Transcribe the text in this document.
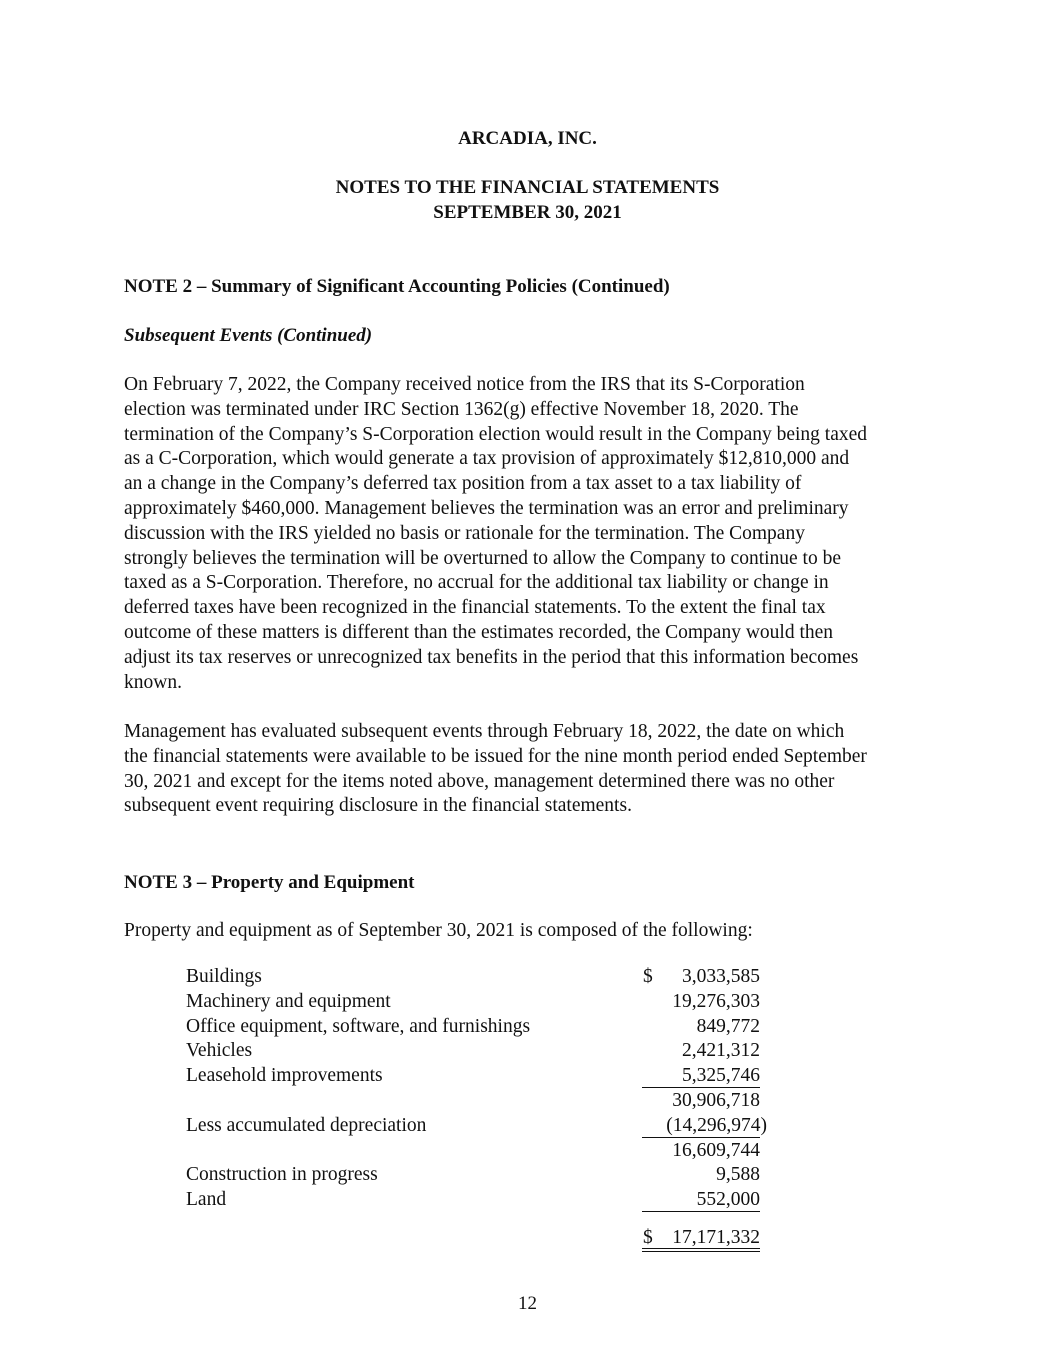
ARCADIA, INC.
NOTES TO THE FINANCIAL STATEMENTS
SEPTEMBER 30, 2021
NOTE 2 – Summary of Significant Accounting Policies (Continued)
Subsequent Events (Continued)
On February 7, 2022, the Company received notice from the IRS that its S-Corporation
election was terminated under IRC Section 1362(g) effective November 18, 2020. The
termination of the Company’s S-Corporation election would result in the Company being taxed
as a C-Corporation, which would generate a tax provision of approximately $12,810,000 and
an a change in the Company’s deferred tax position from a tax asset to a tax liability of
approximately $460,000. Management believes the termination was an error and preliminary
discussion with the IRS yielded no basis or rationale for the termination. The Company
strongly believes the termination will be overturned to allow the Company to continue to be
taxed as a S-Corporation. Therefore, no accrual for the additional tax liability or change in
deferred taxes have been recognized in the financial statements. To the extent the final tax
outcome of these matters is different than the estimates recorded, the Company would then
adjust its tax reserves or unrecognized tax benefits in the period that this information becomes
known.
Management has evaluated subsequent events through February 18, 2022, the date on which
the financial statements were available to be issued for the nine month period ended September
30, 2021 and except for the items noted above, management determined there was no other
subsequent event requiring disclosure in the financial statements.
NOTE 3 – Property and Equipment
Property and equipment as of September 30, 2021 is composed of the following:
Buildings	$ 3,033,585
Machinery and equipment	19,276,303
Office equipment, software, and furnishings	849,772
Vehicles	2,421,312
Leasehold improvements	5,325,746
30,906,718
Less accumulated depreciation	(14,296,974)
16,609,744
Construction in progress	9,588
Land	552,000
$ 17,171,332
12
